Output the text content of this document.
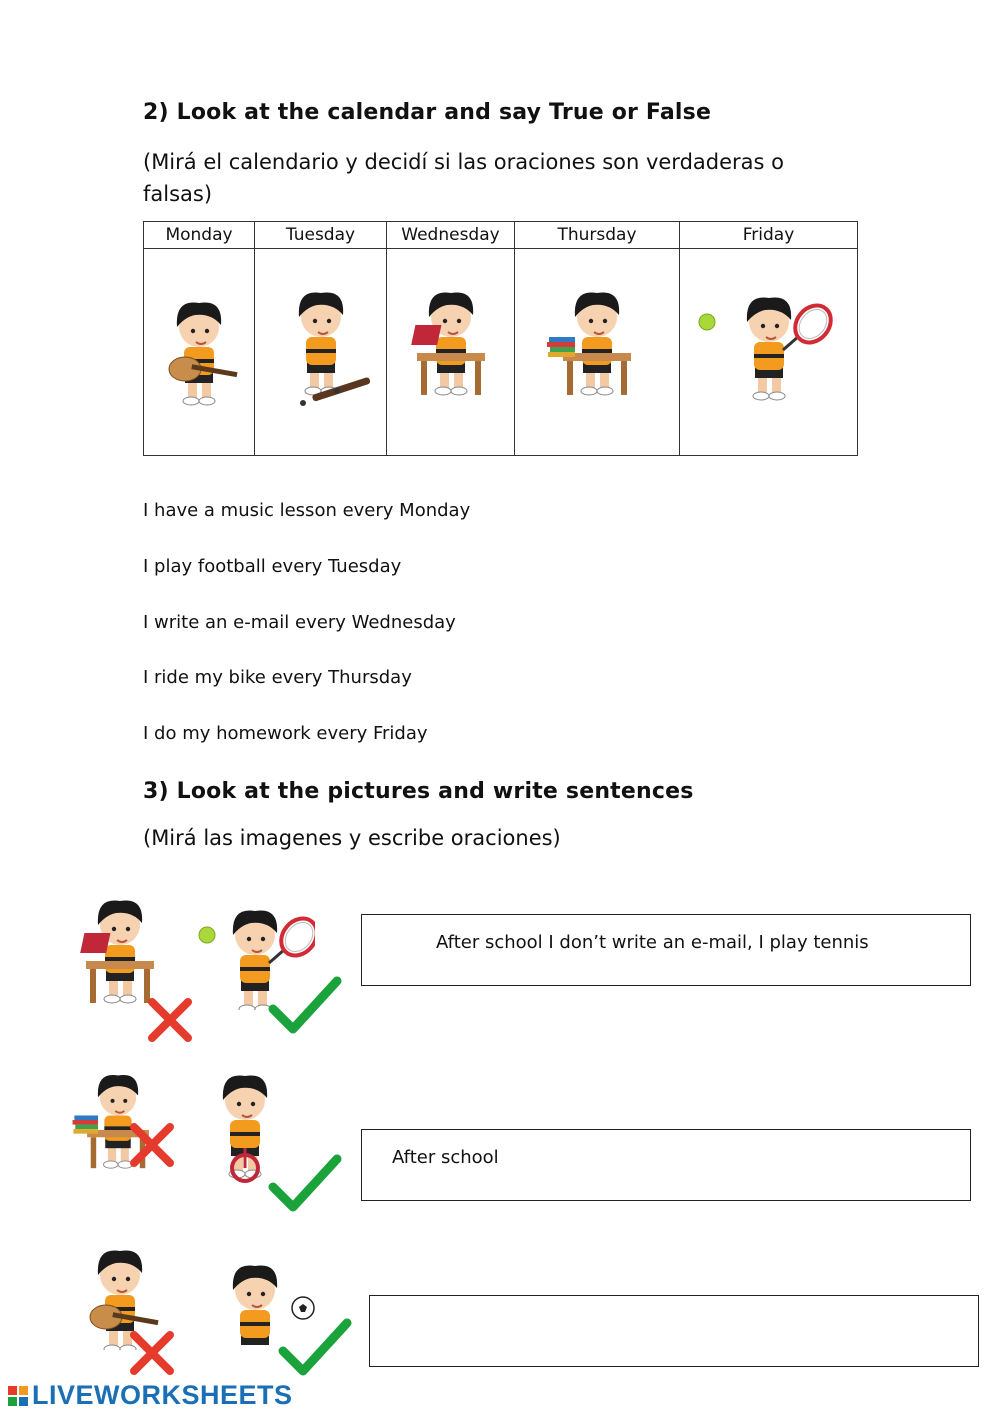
2) Look at the calendar and say True or False
(Mirá el calendario y decidí si las oraciones son verdaderas o falsas)
Monday	Tuesday	Wednesday	Thursday	Friday

I have a music lesson every Monday
I play football every Tuesday
I write an e-mail every Wednesday
I ride my bike every Thursday
I do my homework every Friday
3) Look at the pictures and write sentences
(Mirá las imagenes y escribe oraciones)
After school I don’t write an e-mail, I play tennis
After school
LIVEWORKSHEETS
